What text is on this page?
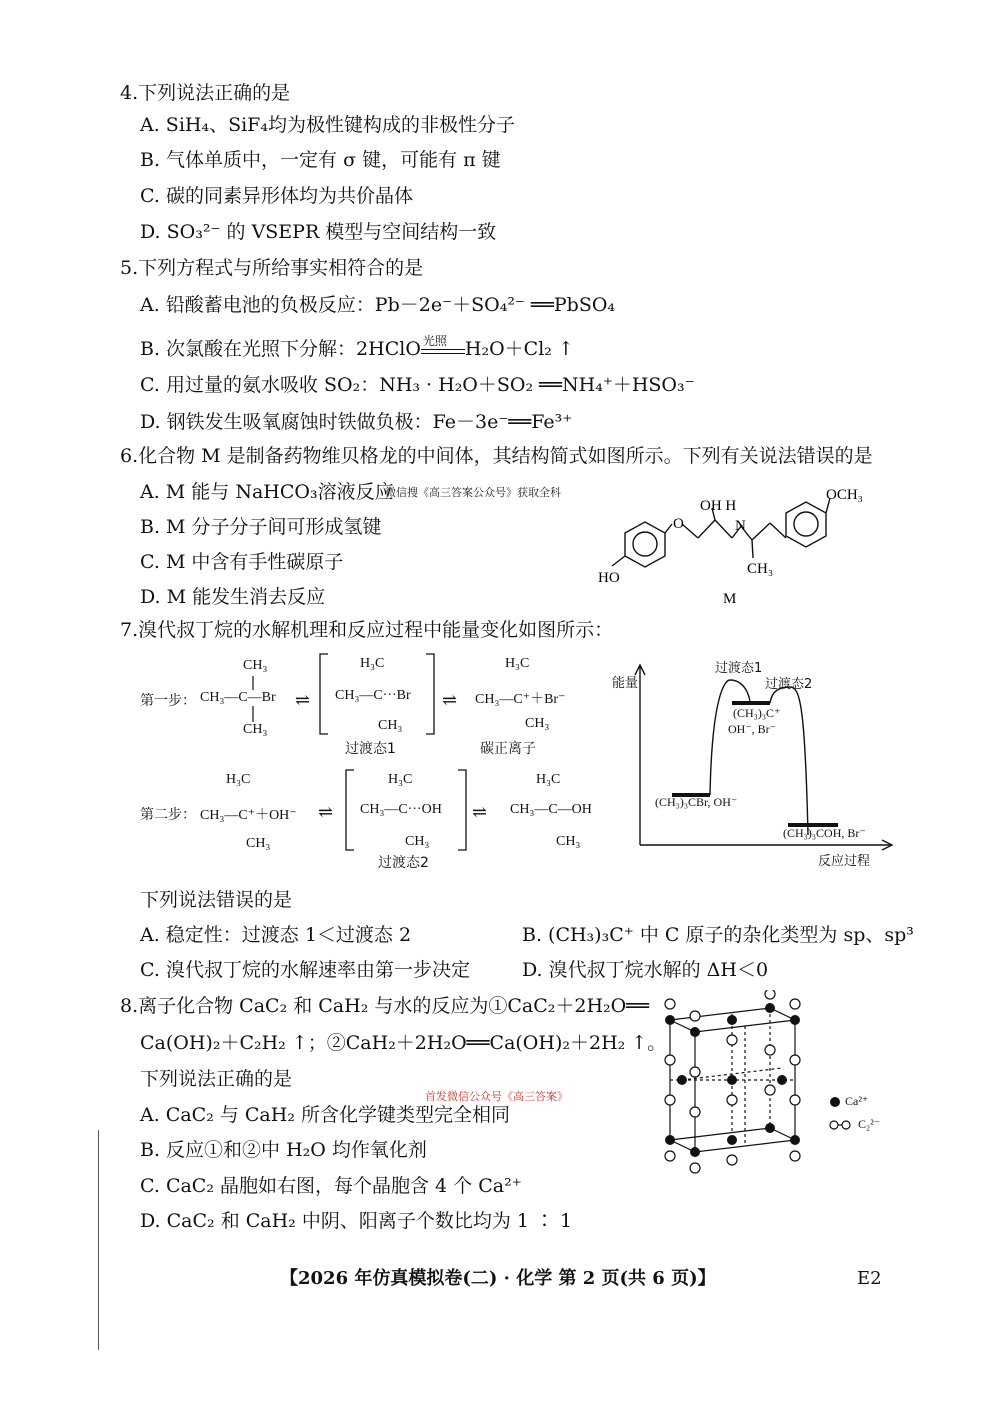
4.下列说法正确的是
A. SiH₄、SiF₄均为极性键构成的非极性分子
B. 气体单质中，一定有 σ 键，可能有 π 键
C. 碳的同素异形体均为共价晶体
D. SO₃²⁻ 的 VSEPR 模型与空间结构一致
5.下列方程式与所给事实相符合的是
A. 铅酸蓄电池的负极反应：Pb－2e⁻＋SO₄²⁻ ══PbSO₄
B. 次氯酸在光照下分解：2HClO 光照 H₂O＋Cl₂ ↑
C. 用过量的氨水吸收 SO₂：NH₃ · H₂O＋SO₂ ══NH₄⁺＋HSO₃⁻
D. 钢铁发生吸氧腐蚀时铁做负极：Fe－3e⁻══Fe³⁺
6.化合物 M 是制备药物维贝格龙的中间体，其结构简式如图所示。下列有关说法错误的是
A. M 能与 NaHCO₃溶液反应
微信搜《高三答案公众号》获取全科
B. M 分子分子间可形成氢键
C. M 中含有手性碳原子
D. M 能发生消去反应
O
OH H
N
HO
CH₃
OCH₃
M
7.溴代叔丁烷的水解机理和反应过程中能量变化如图所示：
第一步：
CH₃
CH₃—C—Br
CH₃
⇌
H₃C
CH₃—C···Br
CH₃
过渡态1
⇌
H₃C
CH₃—C⁺＋Br⁻
CH₃
碳正离子
第二步：
H₃C
CH₃—C⁺＋OH⁻
CH₃
⇌
H₃C
CH₃—C···OH
CH₃
过渡态2
⇌
H₃C
CH₃—C—OH
CH₃
能量
过渡态1
过渡态2
(CH₃)₃C⁺
OH⁻, Br⁻
(CH₃)₃CBr, OH⁻
(CH₃)₃COH, Br⁻
反应过程
下列说法错误的是
A. 稳定性：过渡态 1＜过渡态 2	B. (CH₃)₃C⁺ 中 C 原子的杂化类型为 sp、sp³
C. 溴代叔丁烷的水解速率由第一步决定	D. 溴代叔丁烷水解的 ΔH＜0
8.离子化合物 CaC₂ 和 CaH₂ 与水的反应为①CaC₂＋2H₂O══
Ca(OH)₂＋C₂H₂ ↑；②CaH₂＋2H₂O══Ca(OH)₂＋2H₂ ↑。
下列说法正确的是
首发微信公众号《高三答案》
A. CaC₂ 与 CaH₂ 所含化学键类型完全相同
B. 反应①和②中 H₂O 均作氧化剂
C. CaC₂ 晶胞如右图，每个晶胞含 4 个 Ca²⁺
D. CaC₂ 和 CaH₂ 中阴、阳离子个数比均为 1 ∶ 1
Ca²⁺
C₂²⁻
【2026 年仿真模拟卷(二) · 化学 第 2 页(共 6 页)】	E2
